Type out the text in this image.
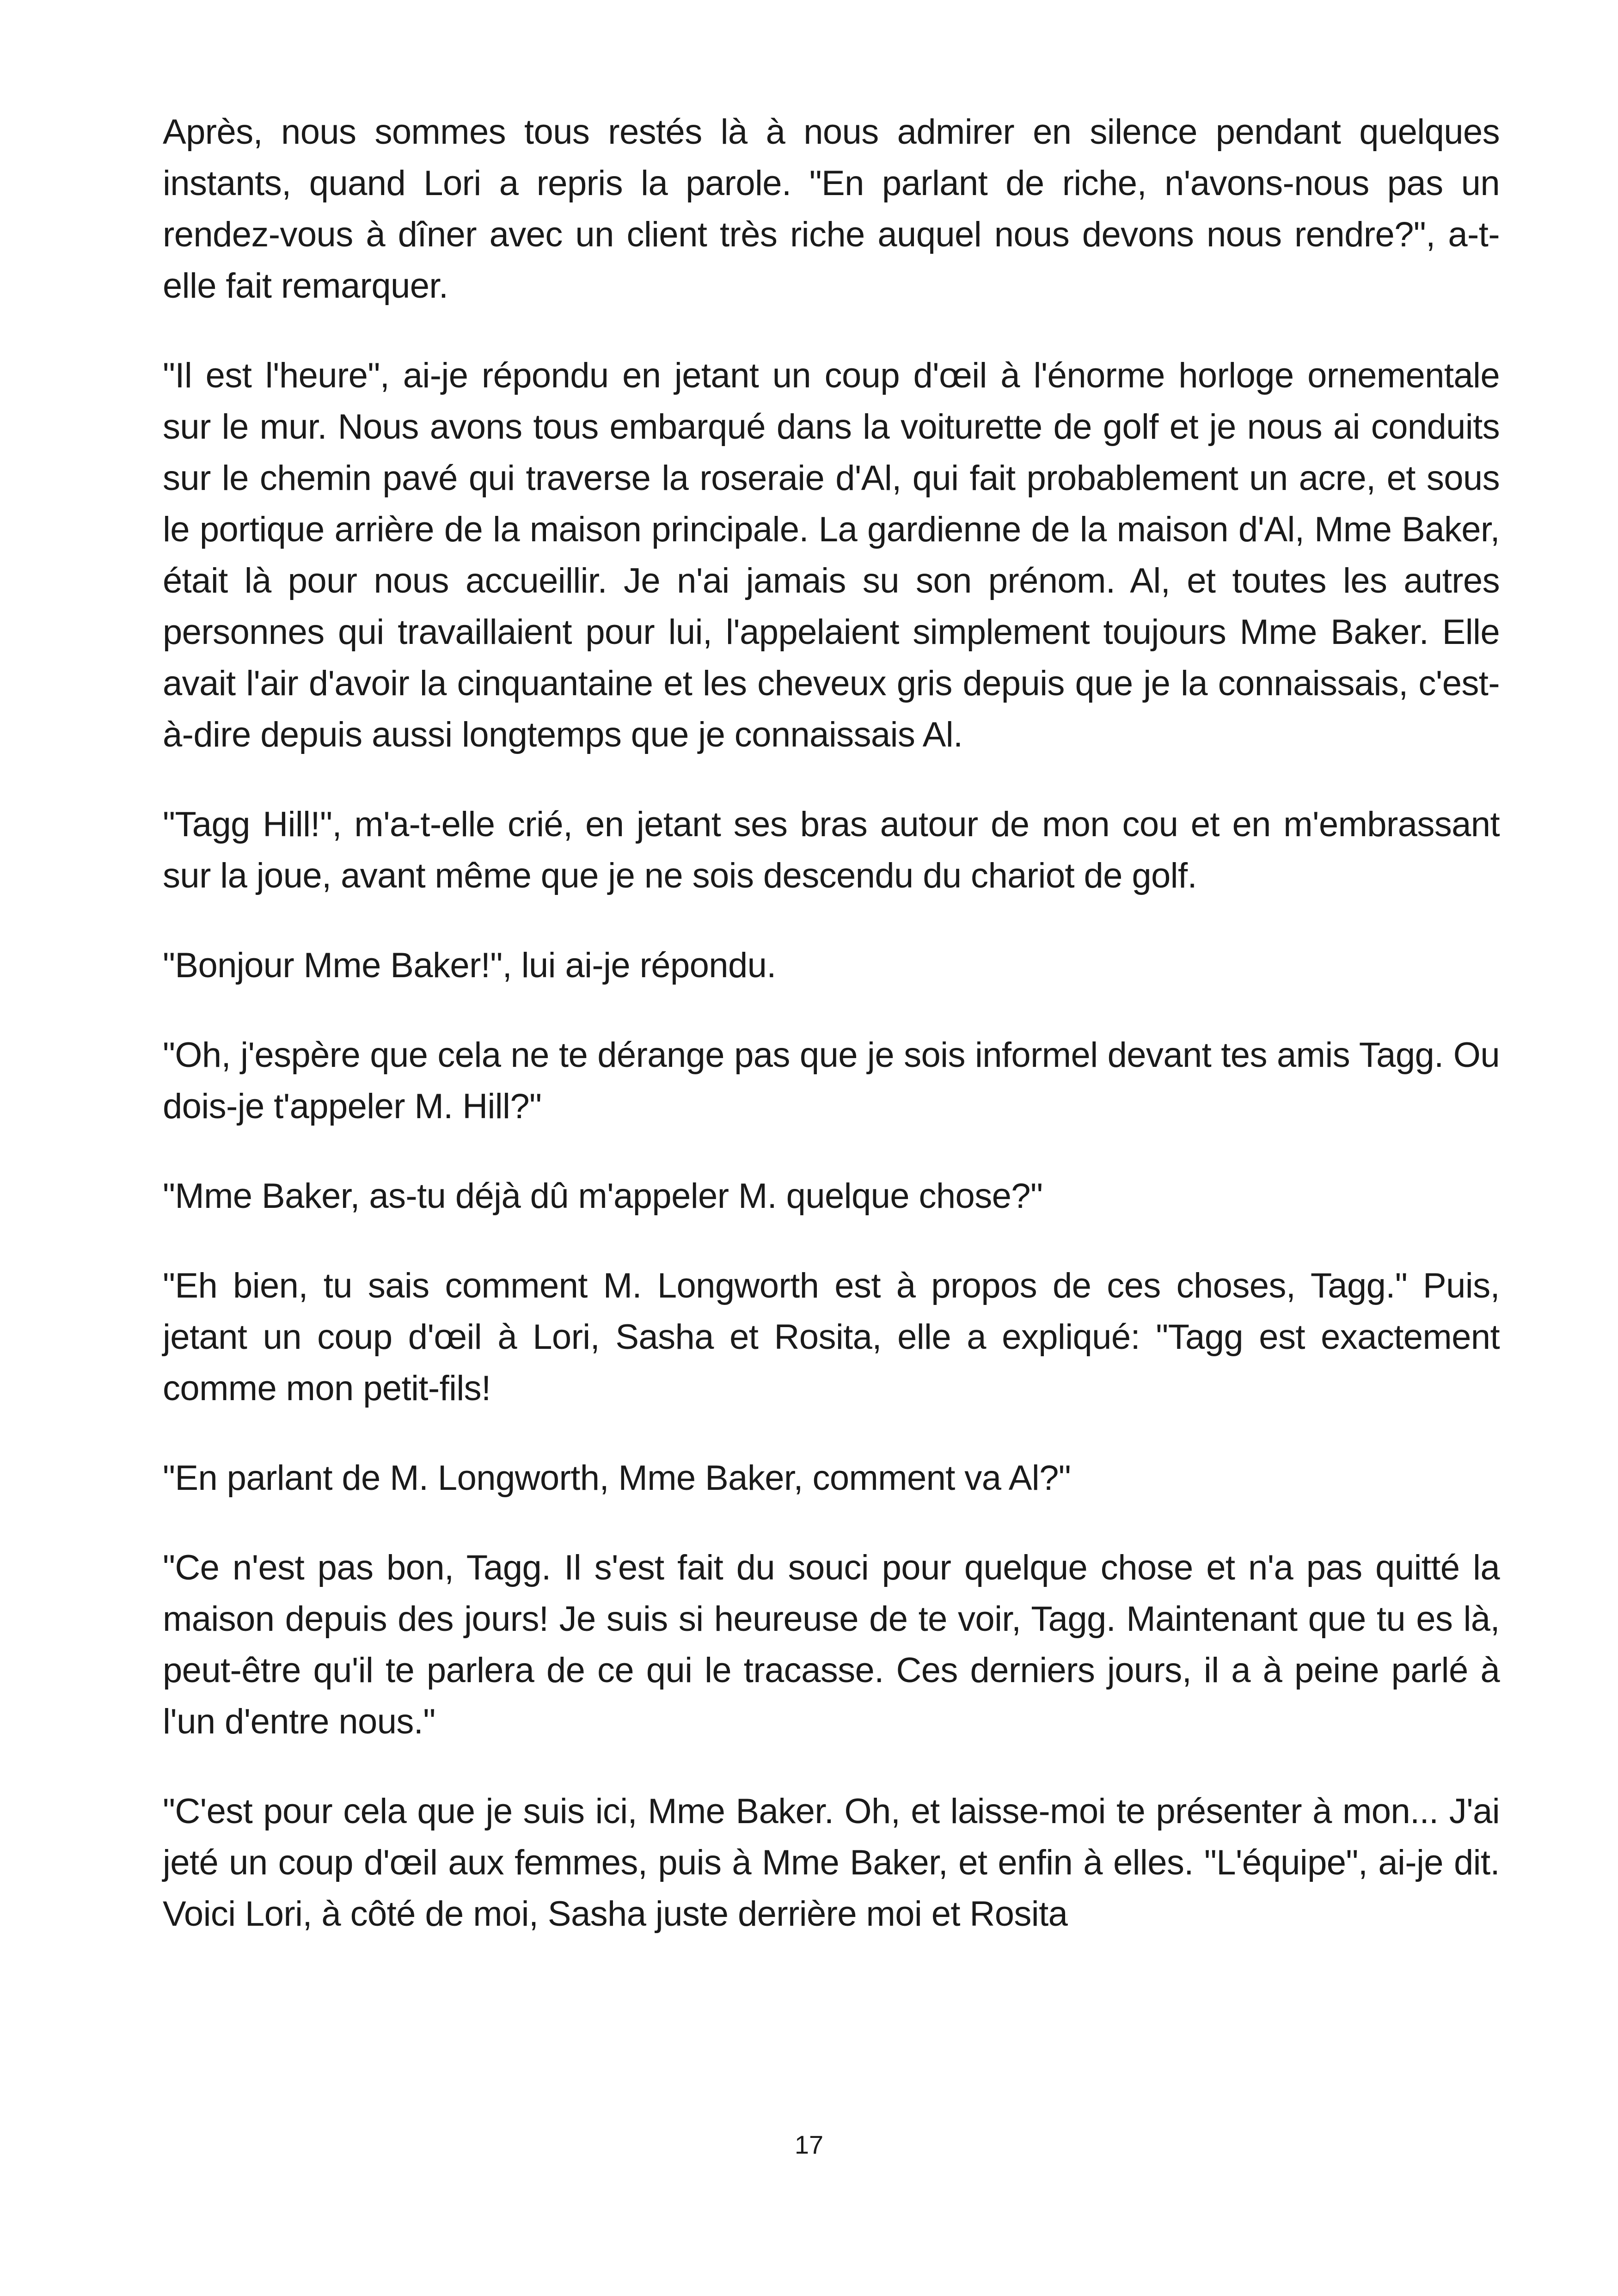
Après, nous sommes tous restés là à nous admirer en silence pendant quelques instants, quand Lori a repris la parole. "En parlant de riche, n'avons-nous pas un rendez-vous à dîner avec un client très riche auquel nous devons nous rendre?", a-t-elle fait remarquer.

"Il est l'heure", ai-je répondu en jetant un coup d'œil à l'énorme horloge ornementale sur le mur. Nous avons tous embarqué dans la voiturette de golf et je nous ai conduits sur le chemin pavé qui traverse la roseraie d'Al, qui fait probablement un acre, et sous le portique arrière de la maison principale. La gardienne de la maison d'Al, Mme Baker, était là pour nous accueillir. Je n'ai jamais su son prénom. Al, et toutes les autres personnes qui travaillaient pour lui, l'appelaient simplement toujours Mme Baker. Elle avait l'air d'avoir la cinquantaine et les cheveux gris depuis que je la connaissais, c'est-à-dire depuis aussi longtemps que je connaissais Al.

"Tagg Hill!", m'a-t-elle crié, en jetant ses bras autour de mon cou et en m'embrassant sur la joue, avant même que je ne sois descendu du chariot de golf.

"Bonjour Mme Baker!", lui ai-je répondu.

"Oh, j'espère que cela ne te dérange pas que je sois informel devant tes amis Tagg. Ou dois-je t'appeler M. Hill?"

"Mme Baker, as-tu déjà dû m'appeler M. quelque chose?"

"Eh bien, tu sais comment M. Longworth est à propos de ces choses, Tagg." Puis, jetant un coup d'œil à Lori, Sasha et Rosita, elle a expliqué: "Tagg est exactement comme mon petit-fils!

"En parlant de M. Longworth, Mme Baker, comment va Al?"

"Ce n'est pas bon, Tagg. Il s'est fait du souci pour quelque chose et n'a pas quitté la maison depuis des jours! Je suis si heureuse de te voir, Tagg. Maintenant que tu es là, peut-être qu'il te parlera de ce qui le tracasse. Ces derniers jours, il a à peine parlé à l'un d'entre nous."

"C'est pour cela que je suis ici, Mme Baker. Oh, et laisse-moi te présenter à mon... J'ai jeté un coup d'œil aux femmes, puis à Mme Baker, et enfin à elles. "L'équipe", ai-je dit. Voici Lori, à côté de moi, Sasha juste derrière moi et Rosita

17
